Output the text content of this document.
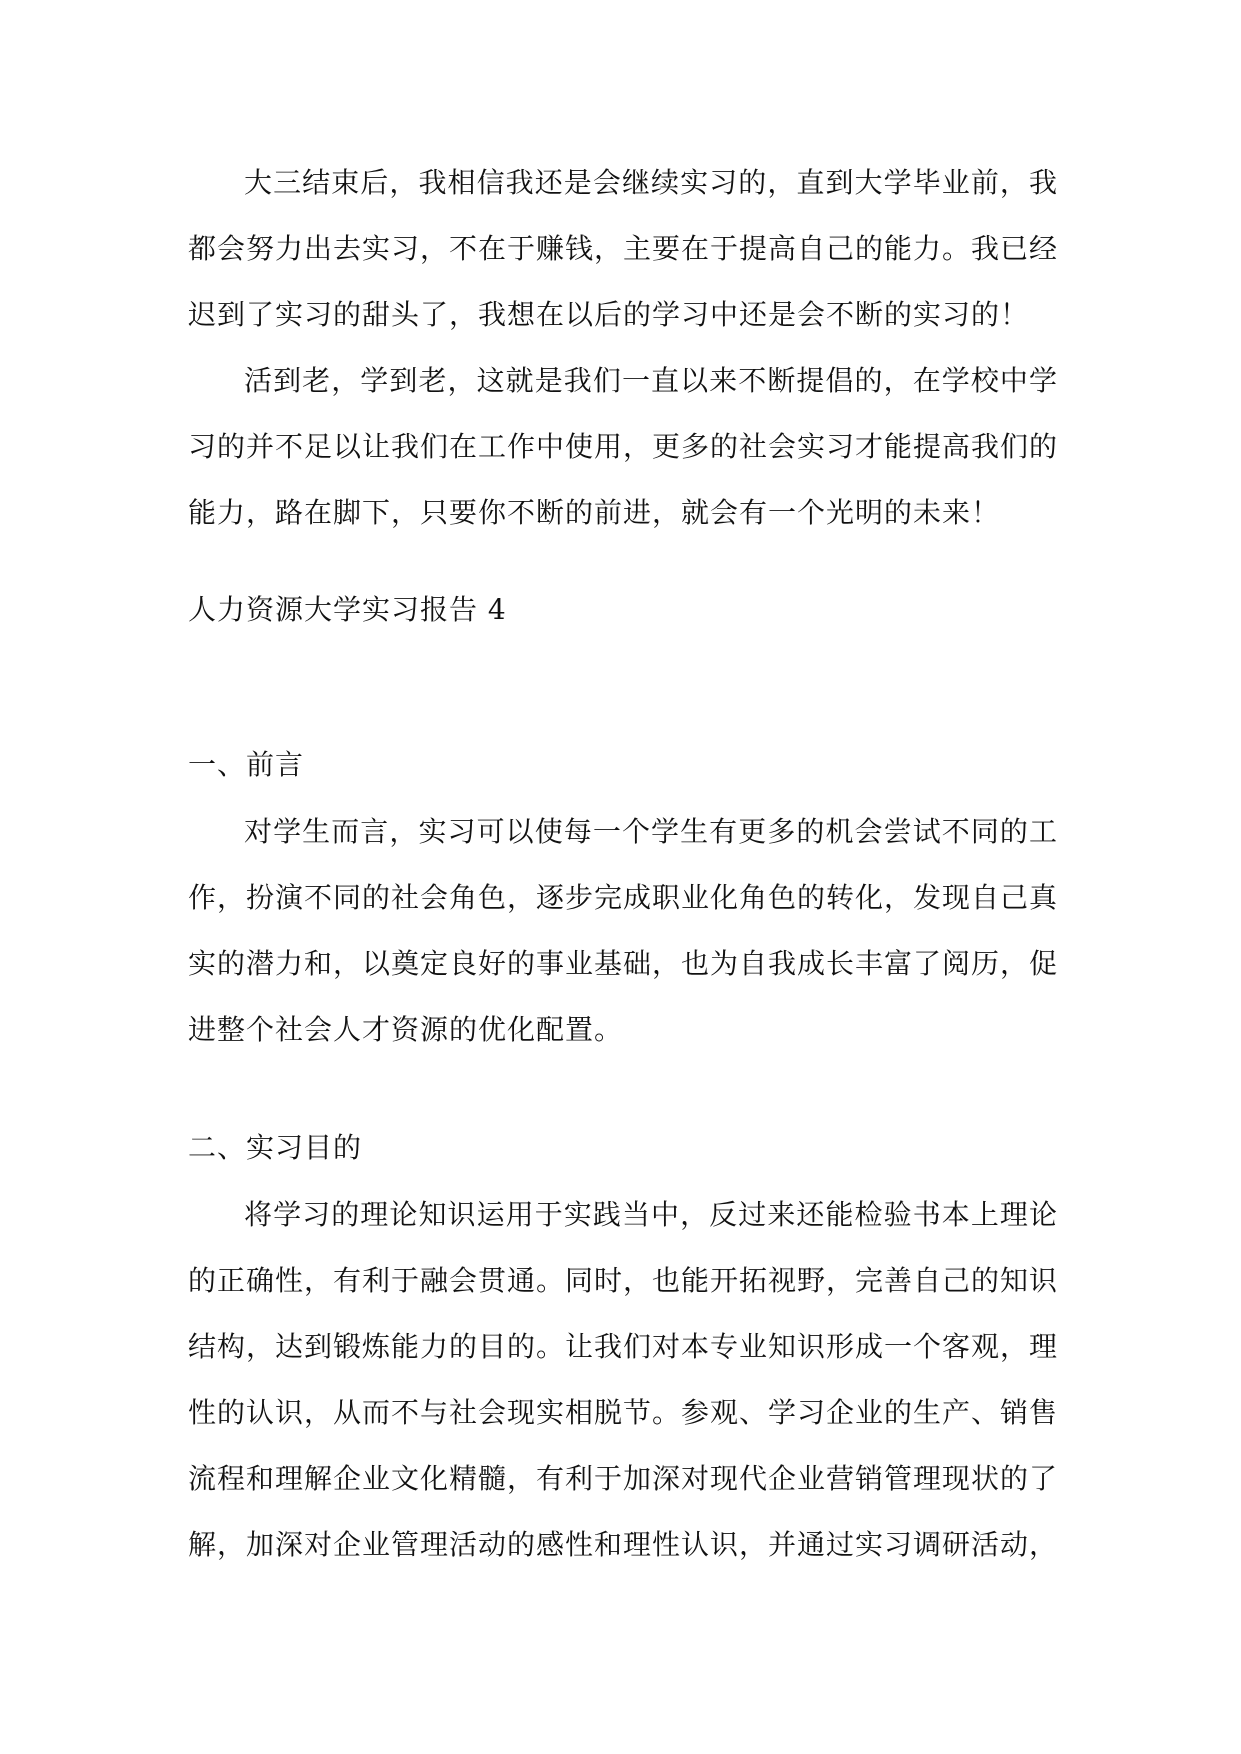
大三结束后，我相信我还是会继续实习的，直到大学毕业前，我都会努力出去实习，不在于赚钱，主要在于提高自己的能力。我已经迟到了实习的甜头了，我想在以后的学习中还是会不断的实习的！

活到老，学到老，这就是我们一直以来不断提倡的，在学校中学习的并不足以让我们在工作中使用，更多的社会实习才能提高我们的能力，路在脚下，只要你不断的前进，就会有一个光明的未来！

人力资源大学实习报告 4

一、前言

对学生而言，实习可以使每一个学生有更多的机会尝试不同的工作，扮演不同的社会角色，逐步完成职业化角色的转化，发现自己真实的潜力和，以奠定良好的事业基础，也为自我成长丰富了阅历，促进整个社会人才资源的优化配置。

二、实习目的

将学习的理论知识运用于实践当中，反过来还能检验书本上理论的正确性，有利于融会贯通。同时，也能开拓视野，完善自己的知识结构，达到锻炼能力的目的。让我们对本专业知识形成一个客观，理性的认识，从而不与社会现实相脱节。参观、学习企业的生产、销售流程和理解企业文化精髓，有利于加深对现代企业营销管理现状的了解，加深对企业管理活动的感性和理性认识，并通过实习调研活动，
